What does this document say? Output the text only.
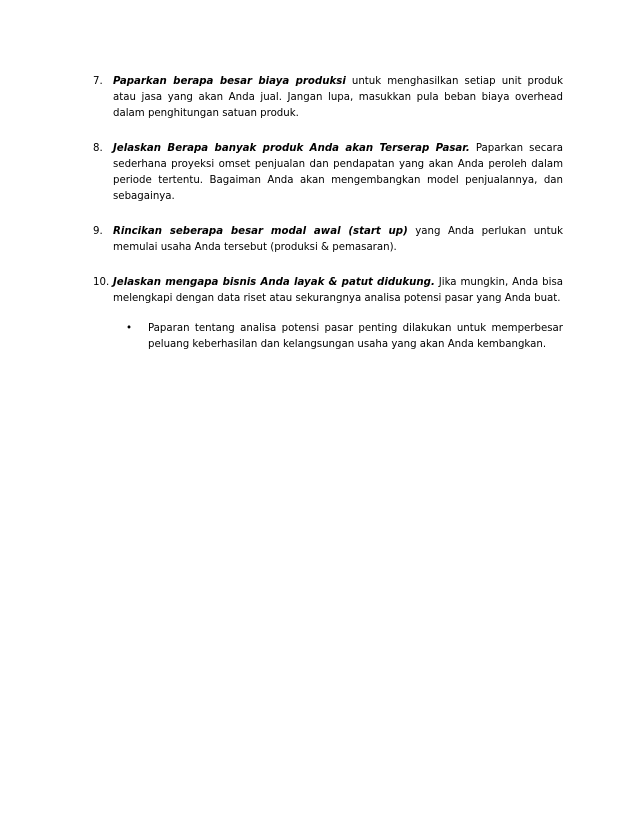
7. Paparkan berapa besar biaya produksi untuk menghasilkan setiap unit produk atau jasa yang akan Anda jual. Jangan lupa, masukkan pula beban biaya overhead dalam penghitungan satuan produk.
8. Jelaskan Berapa banyak produk Anda akan Terserap Pasar. Paparkan secara sederhana proyeksi omset penjualan dan pendapatan yang akan Anda peroleh dalam periode tertentu. Bagaiman Anda akan mengembangkan model penjualannya, dan sebagainya.
9. Rincikan seberapa besar modal awal (start up) yang Anda perlukan untuk memulai usaha Anda tersebut (produksi & pemasaran).
10. Jelaskan mengapa bisnis Anda layak & patut didukung. Jika mungkin, Anda bisa melengkapi dengan data riset atau sekurangnya analisa potensi pasar yang Anda buat.
• Paparan tentang analisa potensi pasar penting dilakukan untuk memperbesar peluang keberhasilan dan kelangsungan usaha yang akan Anda kembangkan.
